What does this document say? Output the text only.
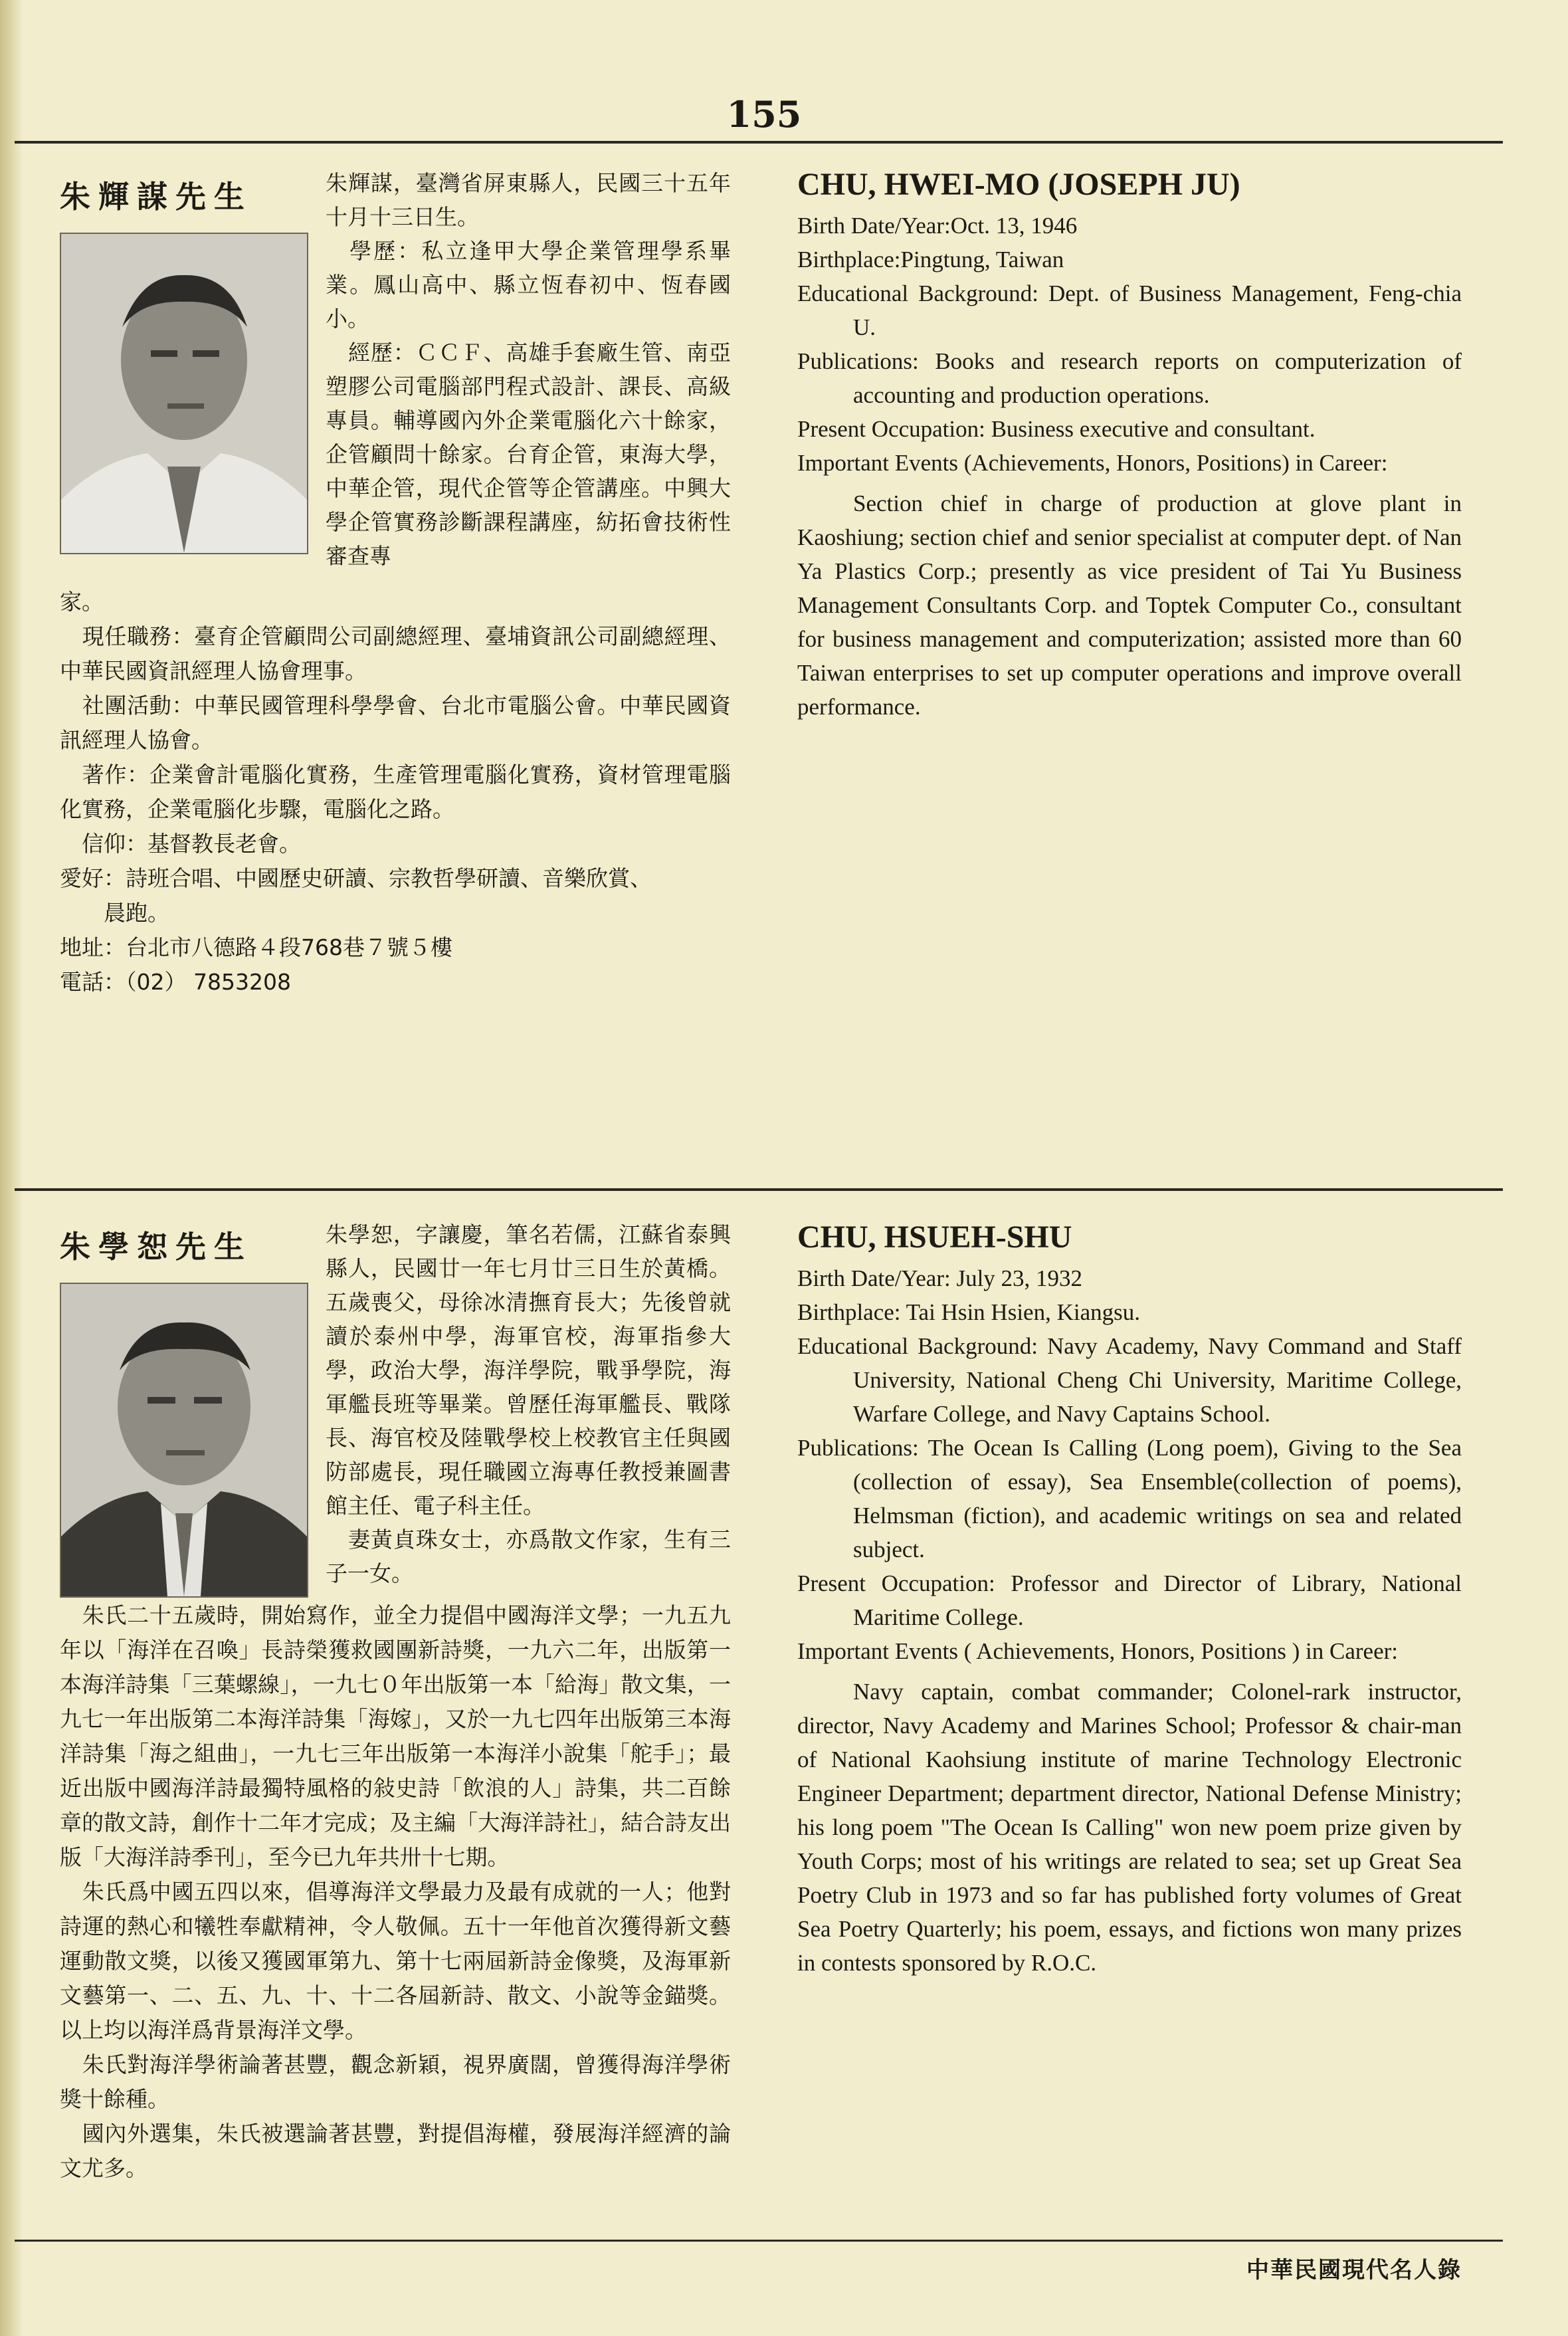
155
朱輝謀先生	朱輝謀，臺灣省屏東縣人，民國三十五年十月十三日生。
　學歷：私立逢甲大學企業管理學系畢業。鳳山高中、縣立恆春初中、恆春國小。
　經歷：ＣＣＦ、高雄手套廠生管、南亞塑膠公司電腦部門程式設計、課長、高級專員。輔導國內外企業電腦化六十餘家，企管顧問十餘家。台育企管，東海大學，中華企管，現代企管等企管講座。中興大學企管實務診斷課程講座，紡拓會技術性審查專
家。
　現任職務：臺育企管顧問公司副總經理、臺埔資訊公司副總經理、中華民國資訊經理人協會理事。
　社團活動：中華民國管理科學學會、台北市電腦公會。中華民國資訊經理人協會。
　著作：企業會計電腦化實務，生產管理電腦化實務，資材管理電腦化實務，企業電腦化步驟，電腦化之路。
　信仰：基督教長老會。
愛好：詩班合唱、中國歷史研讀、宗教哲學研讀、音樂欣賞、
　　晨跑。
地址：台北市八德路４段768巷７號５樓
電話：（02） 7853208
CHU, HWEI-MO (JOSEPH JU)
Birth Date/Year:Oct. 13, 1946
Birthplace:Pingtung, Taiwan
Educational Background: Dept. of Business Management, Feng-chia U.
Publications: Books and research reports on computerization of accounting and production operations.
Present Occupation: Business executive and consultant.
Important Events (Achievements, Honors, Positions) in Career:
Section chief in charge of production at glove plant in Kaoshiung; section chief and senior specialist at computer dept. of Nan Ya Plastics Corp.; presently as vice president of Tai Yu Business Management Consultants Corp. and Toptek Computer Co., consultant for business management and computerization; assisted more than 60 Taiwan enterprises to set up computer operations and improve overall performance.
朱學恕先生	朱學恕，字讓慶，筆名若儒，江蘇省泰興縣人，民國廿一年七月廿三日生於黃橋。五歲喪父，母徐冰清撫育長大；先後曾就讀於泰州中學，海軍官校，海軍指參大學，政治大學，海洋學院，戰爭學院，海軍艦長班等畢業。曾歷任海軍艦長、戰隊長、海官校及陸戰學校上校教官主任與國防部處長，現任職國立海專任教授兼圖書館主任、電子科主任。
　妻黃貞珠女士，亦爲散文作家，生有三子一女。
　朱氏二十五歲時，開始寫作，並全力提倡中國海洋文學；一九五九年以「海洋在召喚」長詩榮獲救國團新詩獎，一九六二年，出版第一本海洋詩集「三葉螺線」，一九七０年出版第一本「給海」散文集，一九七一年出版第二本海洋詩集「海嫁」，又於一九七四年出版第三本海洋詩集「海之組曲」，一九七三年出版第一本海洋小說集「舵手」；最近出版中國海洋詩最獨特風格的敍史詩「飲浪的人」詩集，共二百餘章的散文詩，創作十二年才完成；及主編「大海洋詩社」，結合詩友出版「大海洋詩季刊」，至今已九年共卅十七期。
　朱氏爲中國五四以來，倡導海洋文學最力及最有成就的一人；他對詩運的熱心和犧牲奉獻精神，令人敬佩。五十一年他首次獲得新文藝運動散文獎，以後又獲國軍第九、第十七兩屆新詩金像獎，及海軍新文藝第一、二、五、九、十、十二各屆新詩、散文、小說等金錨獎。以上均以海洋爲背景海洋文學。
　朱氏對海洋學術論著甚豐，觀念新穎，視界廣闊，曾獲得海洋學術獎十餘種。
　國內外選集，朱氏被選論著甚豐，對提倡海權，發展海洋經濟的論文尤多。
CHU, HSUEH-SHU
Birth Date/Year: July 23, 1932
Birthplace: Tai Hsin Hsien, Kiangsu.
Educational Background: Navy Academy, Navy Command and Staff University, National Cheng Chi University, Maritime College, Warfare College, and Navy Captains School.
Publications: The Ocean Is Calling (Long poem), Giving to the Sea (collection of essay), Sea Ensemble(collection of poems), Helmsman (fiction), and academic writings on sea and related subject.
Present Occupation: Professor and Director of Library, National Maritime College.
Important Events ( Achievements, Honors, Positions ) in Career:
Navy captain, combat commander; Colonel-rark instructor, director, Navy Academy and Marines School; Professor & chair-man of National Kaohsiung institute of marine Technology Electronic Engineer Department; department director, National Defense Ministry; his long poem "The Ocean Is Calling" won new poem prize given by Youth Corps; most of his writings are related to sea; set up Great Sea Poetry Club in 1973 and so far has published forty volumes of Great Sea Poetry Quarterly; his poem, essays, and fictions won many prizes in contests sponsored by R.O.C.
中華民國現代名人錄
